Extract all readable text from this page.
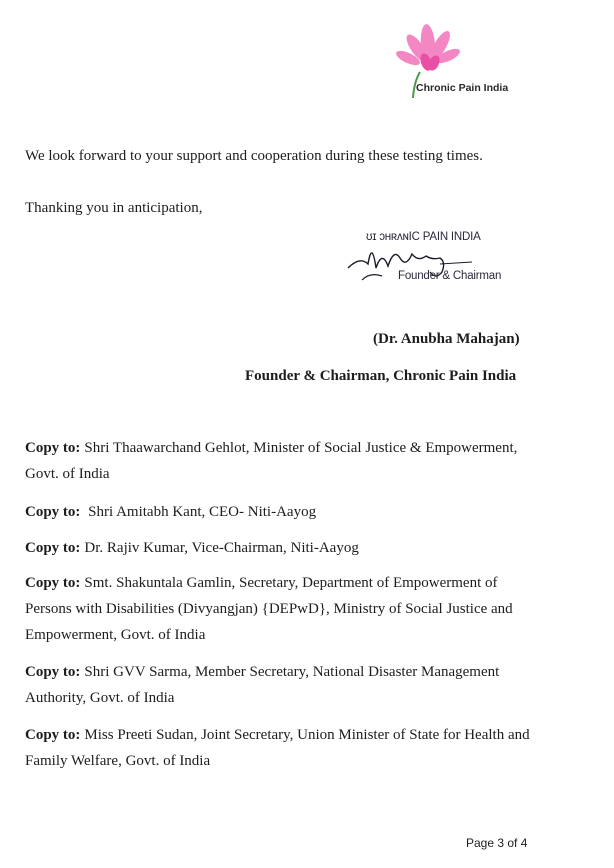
Chronic Pain India
We look forward to your support and cooperation during these testing times.
Thanking you in anticipation,
ʊɪ ɔʜʀʌɴIC PAIN INDIA
Founder & Chairman
(Dr. Anubha Mahajan)
Founder & Chairman, Chronic Pain India
Copy to: Shri Thaawarchand Gehlot, Minister of Social Justice & Empowerment, Govt. of India
Copy to: Shri Amitabh Kant, CEO- Niti-Aayog
Copy to: Dr. Rajiv Kumar, Vice-Chairman, Niti-Aayog
Copy to: Smt. Shakuntala Gamlin, Secretary, Department of Empowerment of Persons with Disabilities (Divyangjan) {DEPwD}, Ministry of Social Justice and Empowerment, Govt. of India
Copy to: Shri GVV Sarma, Member Secretary, National Disaster Management Authority, Govt. of India
Copy to: Miss Preeti Sudan, Joint Secretary, Union Minister of State for Health and Family Welfare, Govt. of India
Page 3 of 4
